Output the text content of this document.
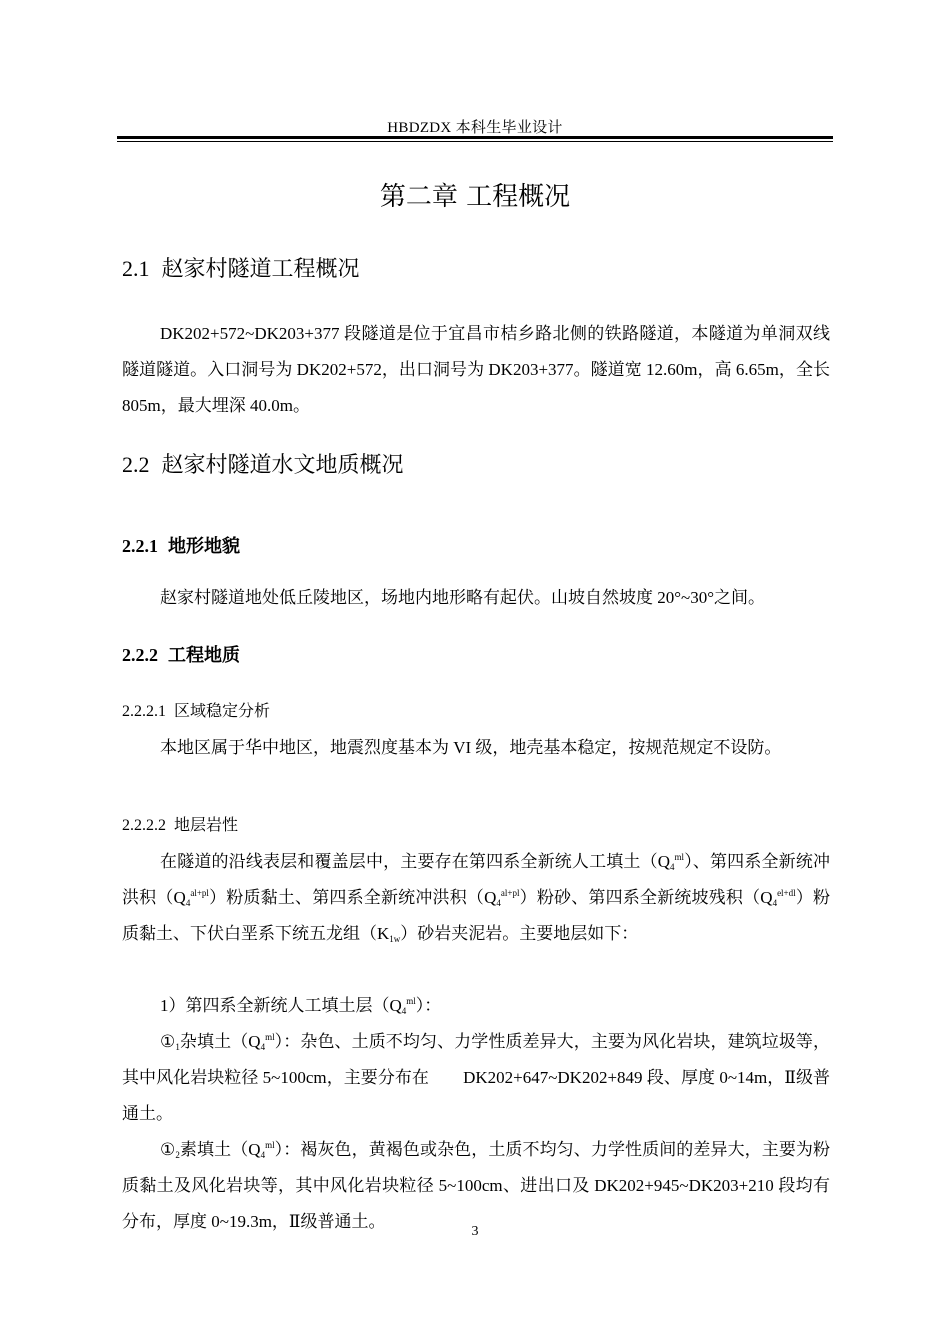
HBDZDX 本科生毕业设计
第二章 工程概况
2.1 赵家村隧道工程概况

DK202+572~DK203+377 段隧道是位于宜昌市桔乡路北侧的铁路隧道，本隧道为单洞双线隧道隧道。入口洞号为 DK202+572，出口洞号为 DK203+377。隧道宽 12.60m，高 6.65m，全长 805m，最大埋深 40.0m。

2.2 赵家村隧道水文地质概况
2.2.1 地形地貌

赵家村隧道地处低丘陵地区，场地内地形略有起伏。山坡自然坡度 20°~30°之间。

2.2.2 工程地质
2.2.2.1 区域稳定分析

本地区属于华中地区，地震烈度基本为 VI 级，地壳基本稳定，按规范规定不设防。

2.2.2.2 地层岩性

在隧道的沿线表层和覆盖层中，主要存在第四系全新统人工填土$(Q_4^{ml})$、第四系全新统冲洪积$(Q_4^{al+pl})$粉质黏土、第四系全新统冲洪积$(Q_4^{al+pl})$粉砂、第四系全新统坡残积$(Q_4^{el+dl})$粉质黏土、下伏白垩系下统五龙组$(K_{1w})$砂岩夹泥岩。主要地层如下：

1）第四系全新统人工填土层$(Q_4^{ml})$：

$①_1$杂填土$(Q_4^{ml})$：杂色、土质不均匀、力学性质差异大，主要为风化岩块，建筑垃圾等，其中风化岩块粒径 5~100cm，主要分布在　　DK202+647~DK202+849 段、厚度 0~14m，Ⅱ级普通土。

$①_2$素填土$(Q_4^{ml})$：褐灰色，黄褐色或杂色，土质不均匀、力学性质间的差异大，主要为粉质黏土及风化岩块等，其中风化岩块粒径 5~100cm、进出口及 DK202+945~DK203+210 段均有分布，厚度 0~19.3m，Ⅱ级普通土。

3
